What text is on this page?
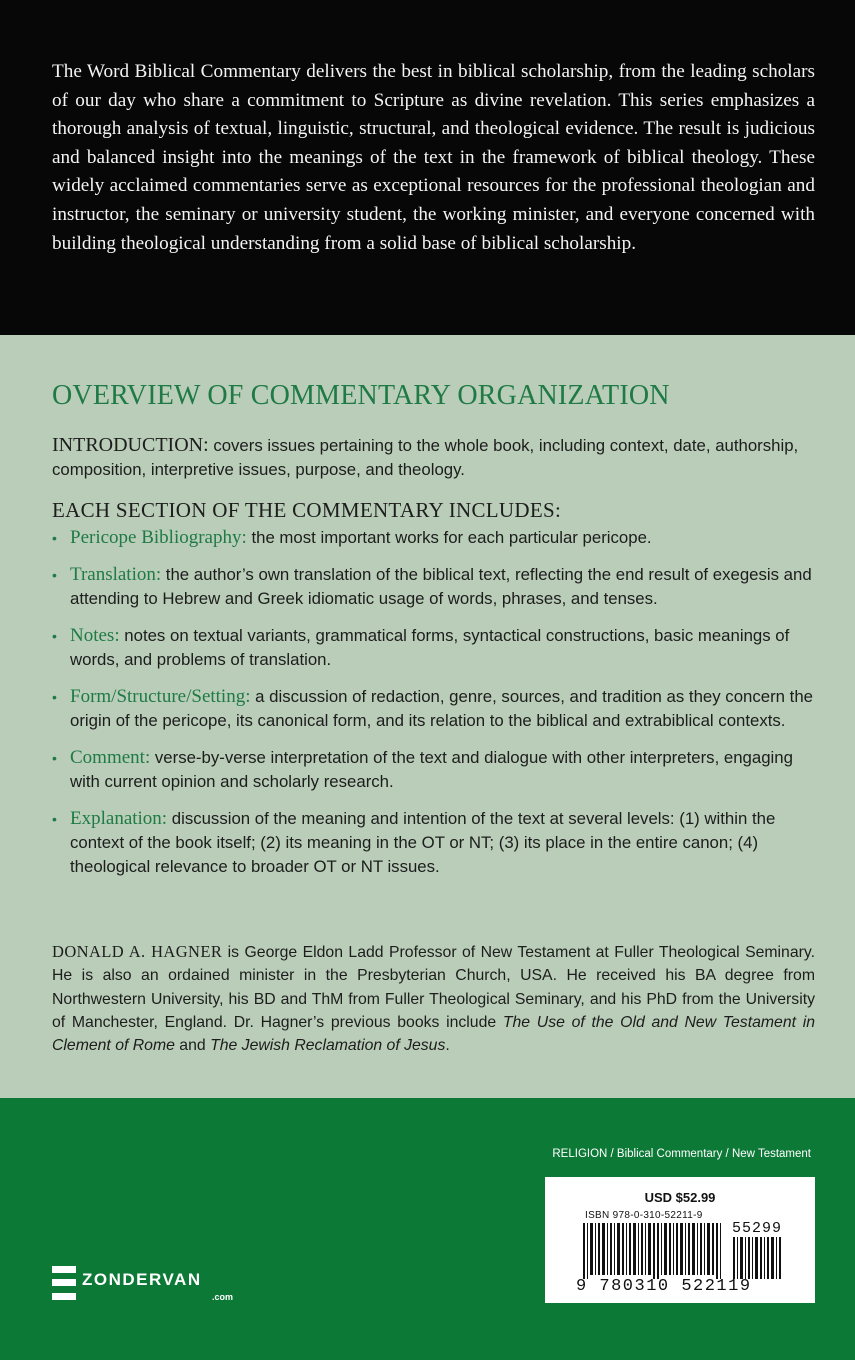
The Word Biblical Commentary delivers the best in biblical scholarship, from the leading scholars of our day who share a commitment to Scripture as divine revelation. This series emphasizes a thorough analysis of textual, linguistic, structural, and theological evidence. The result is judicious and balanced insight into the meanings of the text in the framework of biblical theology. These widely acclaimed commentaries serve as exceptional resources for the professional theologian and instructor, the seminary or university student, the working minister, and everyone concerned with building theological understanding from a solid base of biblical scholarship.

OVERVIEW OF COMMENTARY ORGANIZATION
INTRODUCTION: covers issues pertaining to the whole book, including context, date, authorship, composition, interpretive issues, purpose, and theology.
EACH SECTION OF THE COMMENTARY INCLUDES:
• Pericope Bibliography: the most important works for each particular pericope.
• Translation: the author’s own translation of the biblical text, reflecting the end result of exegesis and attending to Hebrew and Greek idiomatic usage of words, phrases, and tenses.
• Notes: notes on textual variants, grammatical forms, syntactical constructions, basic meanings of words, and problems of translation.
• Form/Structure/Setting: a discussion of redaction, genre, sources, and tradition as they concern the origin of the pericope, its canonical form, and its relation to the biblical and extrabiblical contexts.
• Comment: verse-by-verse interpretation of the text and dialogue with other interpreters, engaging with current opinion and scholarly research.
• Explanation: discussion of the meaning and intention of the text at several levels: (1) within the context of the book itself; (2) its meaning in the OT or NT; (3) its place in the entire canon; (4) theological relevance to broader OT or NT issues.
DONALD A. HAGNER is George Eldon Ladd Professor of New Testament at Fuller Theological Seminary. He is also an ordained minister in the Presbyterian Church, USA. He received his BA degree from Northwestern University, his BD and ThM from Fuller Theological Seminary, and his PhD from the University of Manchester, England. Dr. Hagner’s previous books include The Use of the Old and New Testament in Clement of Rome and The Jewish Reclamation of Jesus.
RELIGION / Biblical Commentary / New Testament
USD $52.99
ISBN 978-0-310-52211-9
55299
9 780310 522119
ZONDERVAN
.com
